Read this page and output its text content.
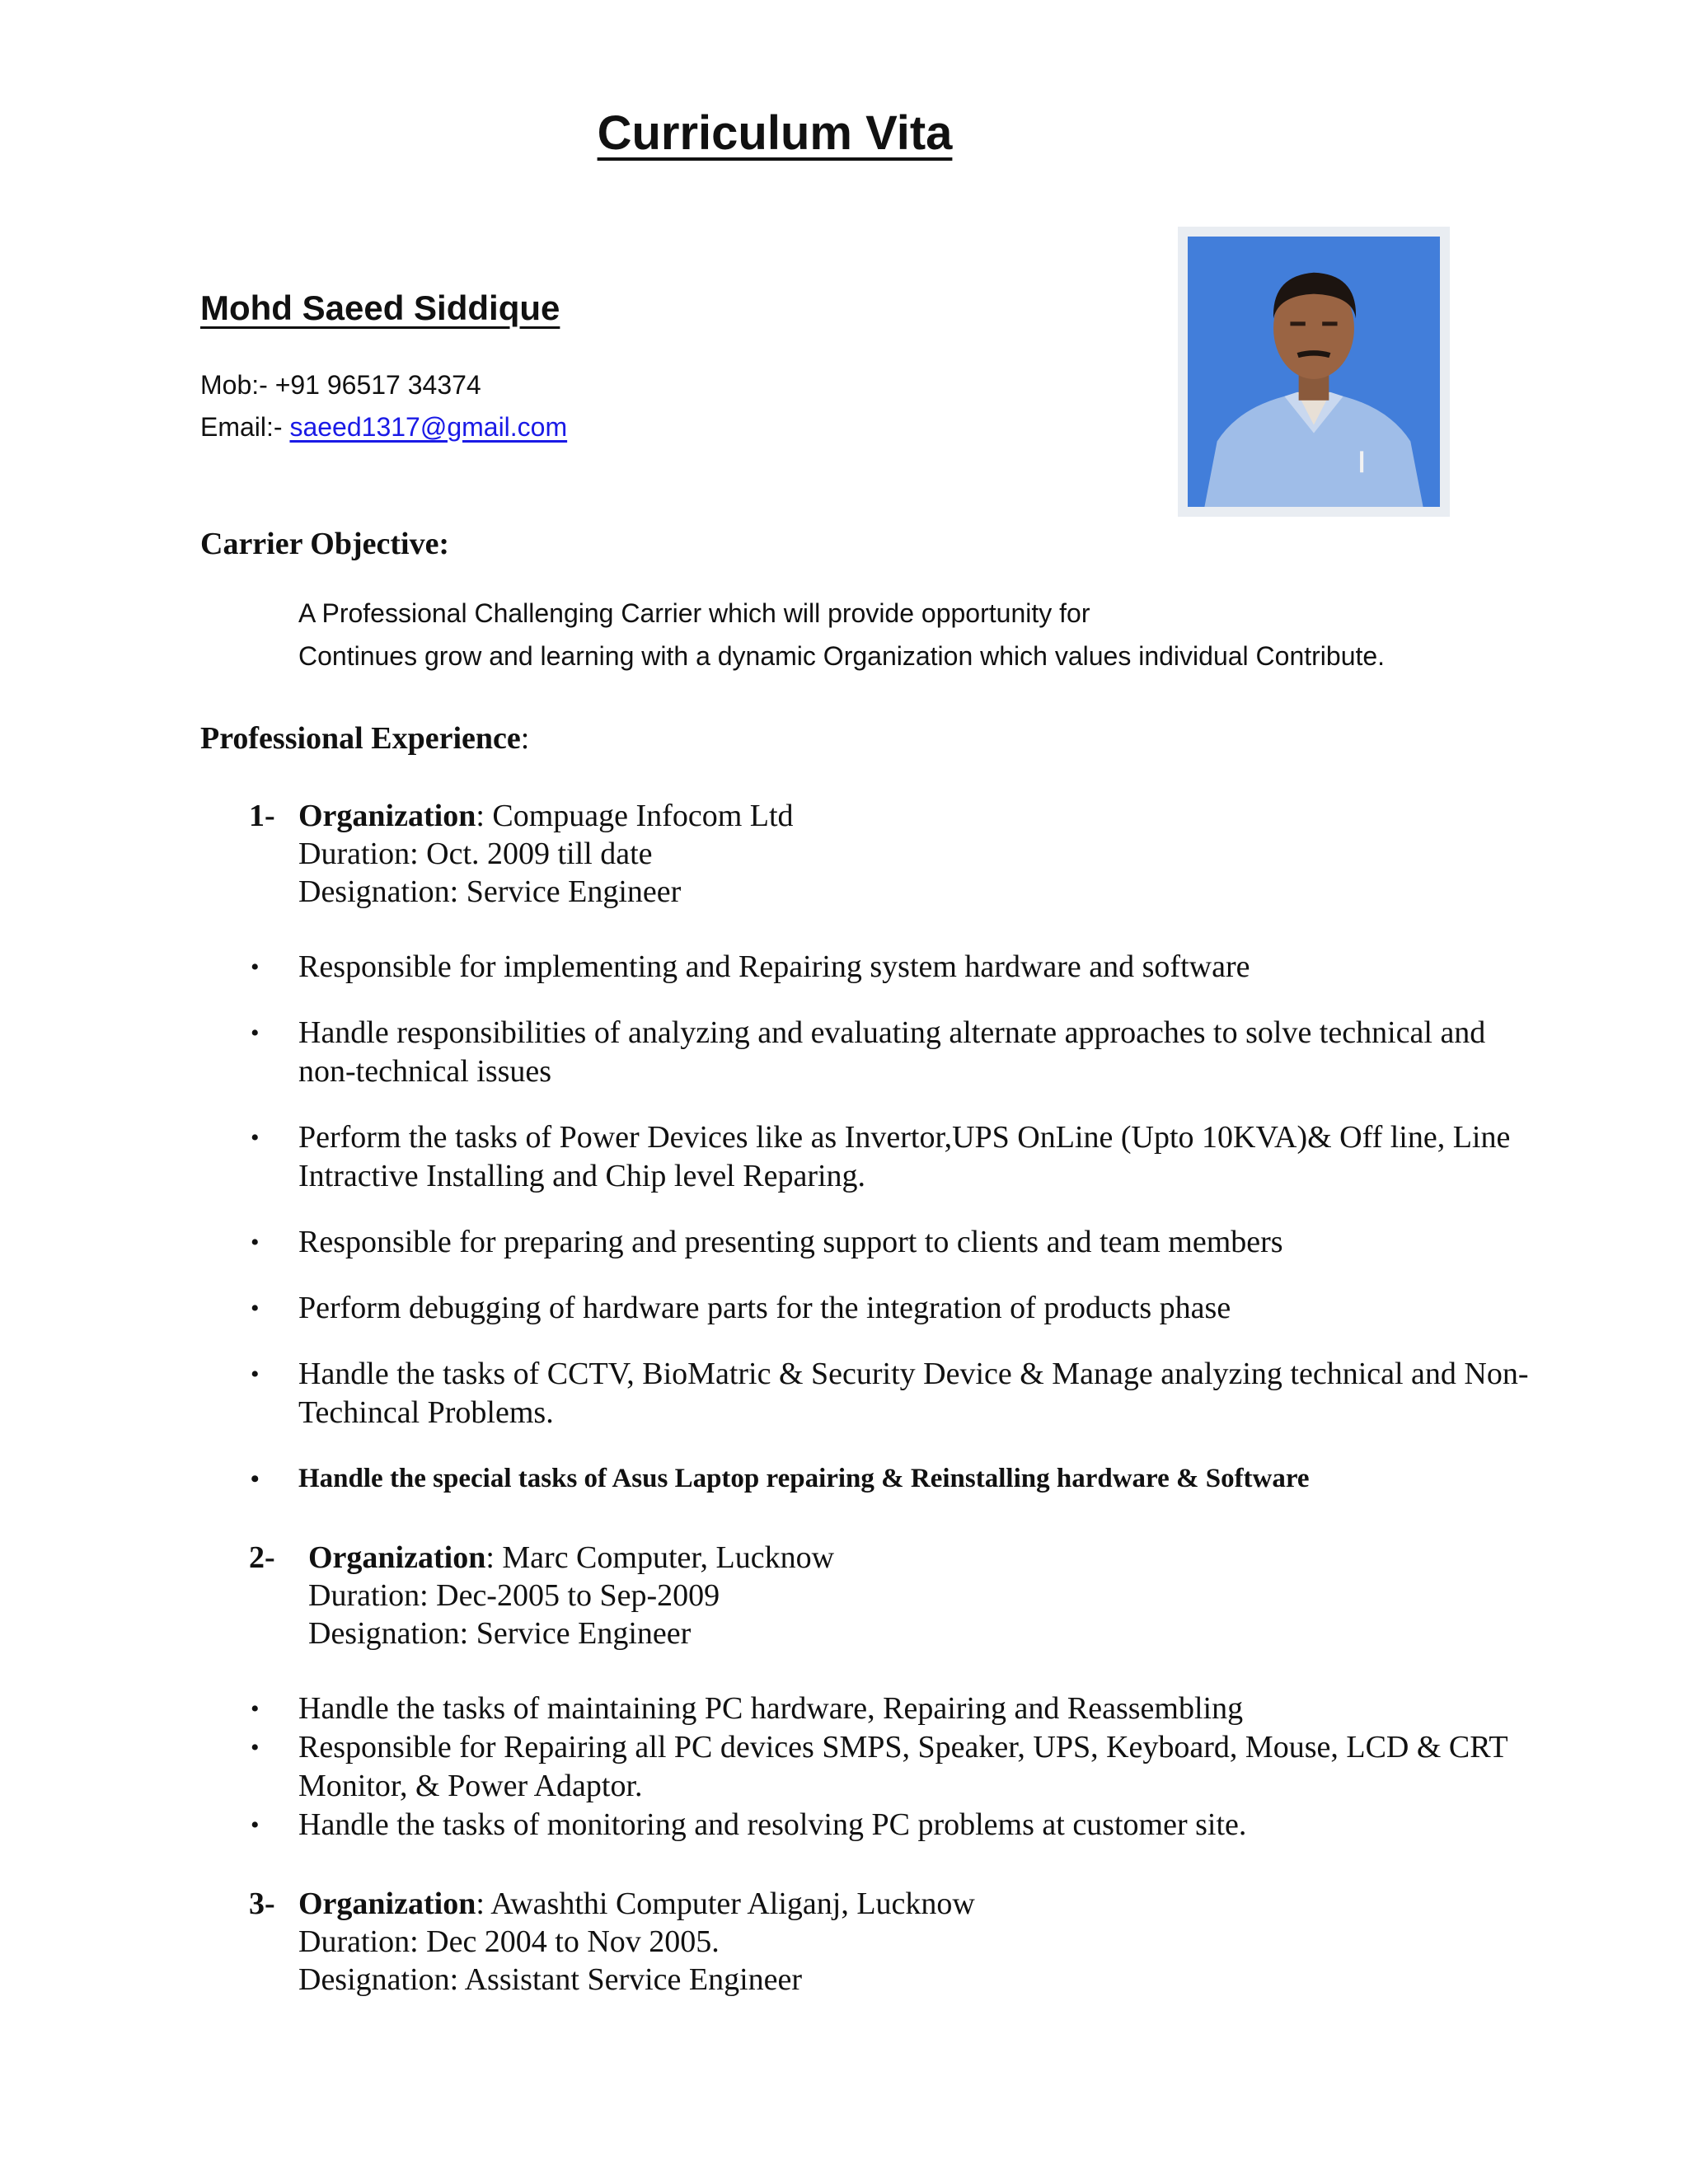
Curriculum Vita
Mohd Saeed Siddique
Mob:- +91 96517 34374
Email:- saeed1317@gmail.com
Carrier Objective:
A Professional Challenging Carrier which will provide opportunity for
Continues grow and learning with a dynamic Organization which values individual Contribute.
Professional Experience:
1- Organization: Compuage Infocom Ltd
Duration: Oct. 2009 till date
Designation: Service Engineer
• Responsible for implementing and Repairing system hardware and software
• Handle responsibilities of analyzing and evaluating alternate approaches to solve technical and non-technical issues
• Perform the tasks of Power Devices like as Invertor,UPS OnLine (Upto 10KVA)& Off line, Line Intractive Installing and Chip level Reparing.
• Responsible for preparing and presenting support to clients and team members
• Perform debugging of hardware parts for the integration of products phase
• Handle the tasks of CCTV, BioMatric & Security Device & Manage analyzing technical and Non-Techincal Problems.
• Handle the special tasks of Asus Laptop repairing & Reinstalling hardware & Software
2- Organization: Marc Computer, Lucknow
Duration: Dec-2005 to Sep-2009
Designation: Service Engineer
• Handle the tasks of maintaining PC hardware, Repairing and Reassembling
• Responsible for Repairing all PC devices SMPS, Speaker, UPS, Keyboard, Mouse, LCD & CRT Monitor, & Power Adaptor.
• Handle the tasks of monitoring and resolving PC problems at customer site.
3- Organization: Awashthi Computer Aliganj, Lucknow
Duration: Dec 2004 to Nov 2005.
Designation: Assistant Service Engineer
